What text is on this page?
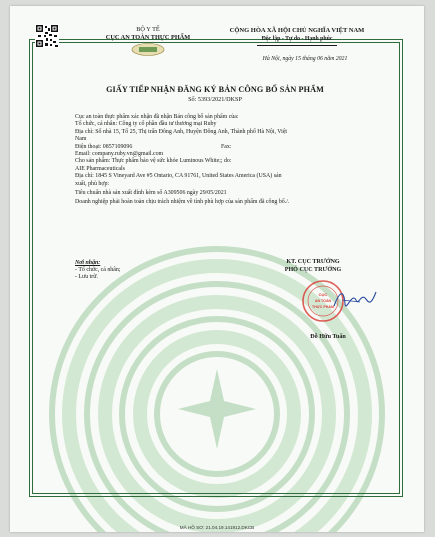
BỘ Y TẾ
CỤC AN TOÀN THỰC PHẨM
CỘNG HÒA XÃ HỘI CHỦ NGHĨA VIỆT NAM
Độc lập - Tự do - Hạnh phúc
Hà Nội, ngày 15 tháng 06 năm 2021
GIẤY TIẾP NHẬN ĐĂNG KÝ BẢN CÔNG BỐ SẢN PHẨM
Số: 5393/2021/DKSP
Cục an toàn thực phẩm xác nhận đã nhận Bản công bố sản phẩm của:
Tổ chức, cá nhân: Công ty cổ phần đầu tư thương mại Ruby
Địa chỉ: Số nhà 15, Tổ 25, Thị trấn Đông Anh, Huyện Đông Anh, Thành phố Hà Nội, Việt
Nam
Điện thoại: 0857109096	Fax:
Email: company.ruby.vn@gmail.com
Cho sản phẩm: Thực phẩm bảo vệ sức khỏe Luminous White;; do:
AIE Pharmaceuticals
Địa chỉ: 1845 S Vineyard Ave #5 Ontario, CA 91761, United States America (USA) sản
xuất, phù hợp:
Tiêu chuẩn nhà sản xuất đính kèm số A309506 ngày 29/05/2021
Doanh nghiệp phải hoàn toàn chịu trách nhiệm về tính phù hợp của sản phẩm đã công bố./.
Nơi nhận:
- Tổ chức, cá nhân;
- Lưu trữ.
KT. CỤC TRƯỞNG
PHÓ CỤC TRƯỞNG
CỤC
AN TOÀN
THỰC PHẨM
Đỗ Hữu Tuấn
MÃ HỒ SƠ: 21.04.19.141912.DKCB
